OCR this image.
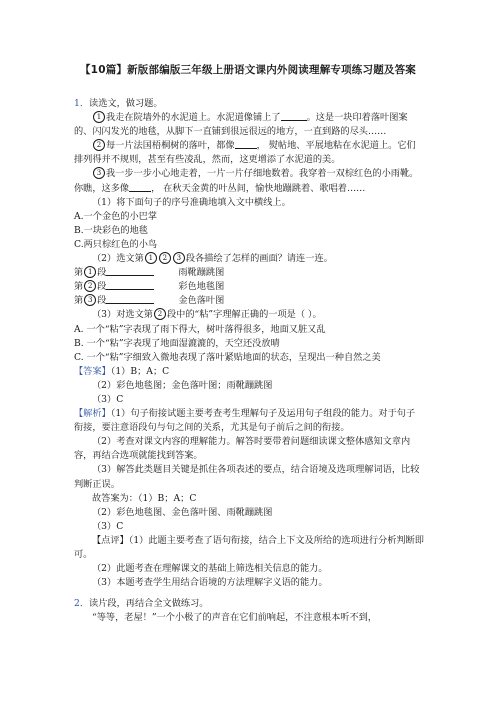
【10篇】新版部编版三年级上册语文课内外阅读理解专项练习题及答案

1．读选文，做习题。

1 我走在院墙外的水泥道上。水泥道像铺上了	。这是一块印着落叶图案的、闪闪发光的地毯，从脚下一直铺到很远很远的地方，一直到路的尽头……

2 每一片法国梧桐树的落叶，都像 ， 熨帖地、平展地粘在水泥道上。它们排列得并不规则，甚至有些凌乱，然而，这更增添了水泥道的美。

3 我一步一步小心地走着，一片一片仔细地数着。我穿着一双棕红色的小雨靴。你瞧，这多像 ， 在秋天金黄的叶丛间，愉快地蹦跳着、歌唱着……

（1）将下面句子的序号准确地填入文中横线上。

A.一个金色的小巴掌

B.一块彩色的地毯

C.两只棕红色的小鸟

（2）选文第 1 2 3 段各描绘了怎样的画面？请连一连。

第 1 段	雨靴蹦跳图

第 2 段	彩色地毯图

第 3 段	金色落叶图

（3）对选文第 2 段中的“粘”字理解正确的一项是（ ）。

A. 一个“粘”字表现了雨下得大，树叶落得很多，地面又脏又乱

B. 一个“粘”字表现了地面湿漉漉的，天空还没放晴

C. 一个“粘”字细致入微地表现了落叶紧贴地面的状态，呈现出一种自然之美

【答案】（1）B；A；C

（2）彩色地毯图；金色落叶图；雨靴蹦跳图

（3）C

【解析】（1）句子衔接试题主要考查考生理解句子及运用句子组段的能力。对于句子衔接，要注意语段句与句之间的关系，尤其是句子前后之间的衔接。

（2）考查对课文内容的理解能力。解答时要带着问题细读课文整体感知文章内容，再结合选项就能找到答案。

（3）解答此类题目关键是抓住各项表述的要点，结合语境及选项理解词语，比较判断正误。

故答案为：（1）B；A；C

（2）彩色地毯图、金色落叶图、雨靴蹦跳图

（3）C

【点评】（1）此题主要考查了语句衔接，结合上下文及所给的选项进行分析判断即可。

（2）此题考查在理解课文的基础上筛选相关信息的能力。

（3）本题考查学生用结合语境的方法理解字义语的能力。

2．读片段，再结合全文做练习。

“等等，老屋！”一个小极了的声音在它们前响起，不注意根本听不到，
